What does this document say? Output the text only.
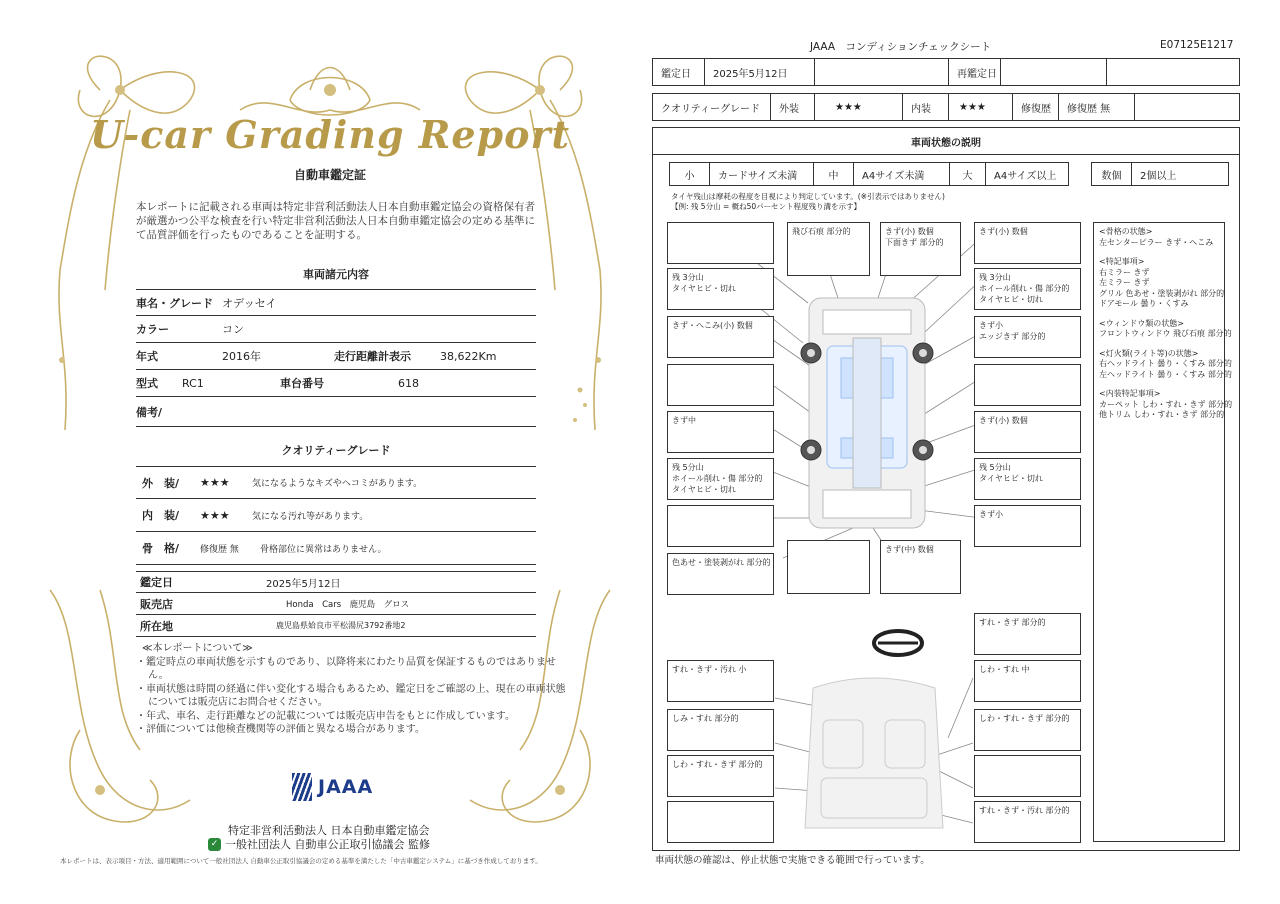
U-car Grading Report
自動車鑑定証
本レポートに記載される車両は特定非営利活動法人日本自動車鑑定協会の資格保有者が厳選かつ公平な検査を行い特定非営利活動法人日本自動車鑑定協会の定める基準にて品質評価を行ったものであることを証明する。
車両諸元内容
車名・グレード オデッセイ
カラー	コン
年式	2016年	走行距離計表示	38,622Km
型式	RC1	車台番号	618
備考/
クオリティーグレード
外　装/	★★★	気になるようなキズやヘコミがあります。
内　装/	★★★	気になる汚れ等があります。
骨　格/	修復歴 無	骨格部位に異常はありません。
鑑定日	2025年5月12日
販売店	Honda　Cars　鹿児島　グロス
所在地	鹿児島県姶良市平松湯尻3792番地2
≪本レポートについて≫
・鑑定時点の車両状態を示すものであり、以降将来にわたり品質を保証するものではありません。
・車両状態は時間の経過に伴い変化する場合もあるため、鑑定日をご確認の上、現在の車両状態については販売店にお問合せください。
・年式、車名、走行距離などの記載については販売店申告をもとに作成しています。
・評価については他検査機関等の評価と異なる場合があります。
JAAA
特定非営利活動法人 日本自動車鑑定協会
✓ 一般社団法人 自動車公正取引協議会 監修
本レポートは、表示項目・方法、適用範囲について一般社団法人 自動車公正取引協議会の定める基準を満たした「中古車鑑定システム」に基づき作成しております。
JAAA　コンディションチェックシート	E07125E1217
鑑定日	2025年5月12日	再鑑定日
クオリティーグレード	外装	★★★	内装	★★★	修復歴	修復歴 無
車両状態の説明
小	カードサイズ未満	中	A4サイズ未満	大	A4サイズ以上	数個	2個以上
タイヤ残山は摩耗の程度を目視により判定しています。(※引表示ではありません)
【例: 残 5分山 = 概ね50パーセント程度残り溝を示す】
<骨格の状態>
左センターピラー きず・へこみ
<特記事項>
右ミラー きず
左ミラー きず
グリル 色あせ・塗装剥がれ 部分的
ドアモール 曇り・くすみ
<ウィンドウ類の状態>
フロントウィンドウ 飛び石痕 部分的
<灯火類(ライト等)の状態>
右ヘッドライト 曇り・くすみ 部分的
左ヘッドライト 曇り・くすみ 部分的
<内装特記事項>
カーペット しわ・すれ・きず 部分的
他トリム しわ・すれ・きず 部分的
車両状態の確認は、停止状態で実施できる範囲で行っています。
飛び石痕 部分的	きず(小) 数個
下面きず 部分的
きず(小) 数個
残 3分山
タイヤヒビ・切れ
残 3分山
ホイール削れ・傷 部分的
タイヤヒビ・切れ
きず・へこみ(小) 数個	きず小
エッジきず 部分的
きず中	きず(小) 数個
残 5分山
ホイール削れ・傷 部分的
タイヤヒビ・切れ
残 5分山
タイヤヒビ・切れ
きず小
色あせ・塗装剥がれ 部分的
きず(中) 数個
すれ・きず 部分的
すれ・きず・汚れ 小	しわ・すれ 中
しみ・すれ 部分的	しわ・すれ・きず 部分的
しわ・すれ・きず 部分的
すれ・きず・汚れ 部分的
